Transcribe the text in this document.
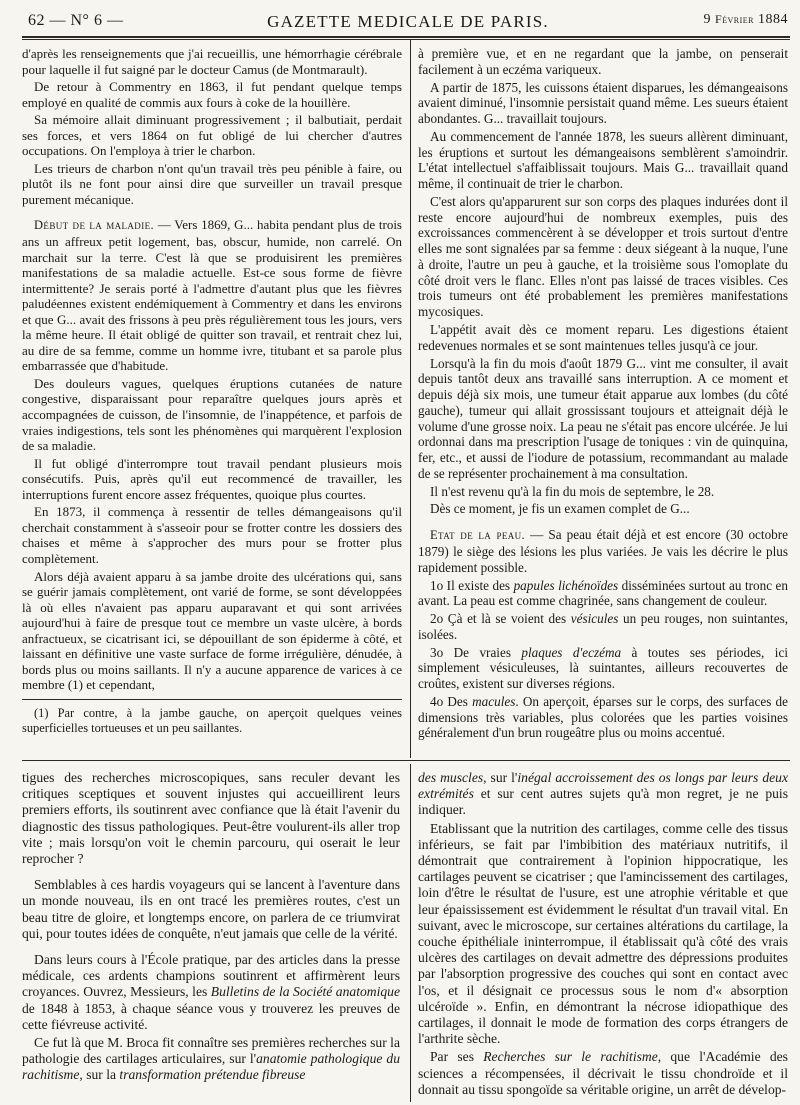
62 — N° 6 —	GAZETTE MEDICALE DE PARIS.	9 Février 1884

d'après les renseignements que j'ai recueillis, une hémorrhagie cérébrale pour laquelle il fut saigné par le docteur Camus (de Montmarault).

De retour à Commentry en 1863, il fut pendant quelque temps employé en qualité de commis aux fours à coke de la houillère.

Sa mémoire allait diminuant progressivement ; il balbutiait, perdait ses forces, et vers 1864 on fut obligé de lui chercher d'autres occupations. On l'employa à trier le charbon.

Les trieurs de charbon n'ont qu'un travail très peu pénible à faire, ou plutôt ils ne font pour ainsi dire que surveiller un travail presque purement mécanique.

Début de la maladie. — Vers 1869, G... habita pendant plus de trois ans un affreux petit logement, bas, obscur, humide, non carrelé. On marchait sur la terre. C'est là que se produisirent les premières manifestations de sa maladie actuelle. Est-ce sous forme de fièvre intermittente? Je serais porté à l'admettre d'autant plus que les fièvres paludéennes existent endémiquement à Commentry et dans les environs et que G... avait des frissons à peu près régulièrement tous les jours, vers la même heure. Il était obligé de quitter son travail, et rentrait chez lui, au dire de sa femme, comme un homme ivre, titubant et sa parole plus embarrassée que d'habitude.

Des douleurs vagues, quelques éruptions cutanées de nature congestive, disparaissant pour reparaître quelques jours après et accompagnées de cuisson, de l'insomnie, de l'inappétence, et parfois de vraies indigestions, tels sont les phénomènes qui marquèrent l'explosion de sa maladie.

Il fut obligé d'interrompre tout travail pendant plusieurs mois consécutifs. Puis, après qu'il eut recommencé de travailler, les interruptions furent encore assez fréquentes, quoique plus courtes.

En 1873, il commença à ressentir de telles démangeaisons qu'il cherchait constamment à s'asseoir pour se frotter contre les dossiers des chaises et même à s'approcher des murs pour se frotter plus complètement.

Alors déjà avaient apparu à sa jambe droite des ulcérations qui, sans se guérir jamais complètement, ont varié de forme, se sont développées là où elles n'avaient pas apparu auparavant et qui sont arrivées aujourd'hui à faire de presque tout ce membre un vaste ulcère, à bords anfractueux, se cicatrisant ici, se dépouillant de son épiderme à côté, et laissant en définitive une vaste surface de forme irrégulière, dénudée, à bords plus ou moins saillants. Il n'y a aucune apparence de varices à ce membre (1) et cependant,

(1) Par contre, à la jambe gauche, on aperçoit quelques veines superficielles tortueuses et un peu saillantes.

à première vue, et en ne regardant que la jambe, on penserait facilement à un eczéma variqueux.

A partir de 1875, les cuissons étaient disparues, les démangeaisons avaient diminué, l'insomnie persistait quand même. Les sueurs étaient abondantes. G... travaillait toujours.

Au commencement de l'année 1878, les sueurs allèrent diminuant, les éruptions et surtout les démangeaisons semblèrent s'amoindrir. L'état intellectuel s'affaiblissait toujours. Mais G... travaillait quand même, il continuait de trier le charbon.

C'est alors qu'apparurent sur son corps des plaques indurées dont il reste encore aujourd'hui de nombreux exemples, puis des excroissances commencèrent à se développer et trois surtout d'entre elles me sont signalées par sa femme : deux siégeant à la nuque, l'une à droite, l'autre un peu à gauche, et la troisième sous l'omoplate du côté droit vers le flanc. Elles n'ont pas laissé de traces visibles. Ces trois tumeurs ont été probablement les premières manifestations mycosiques.

L'appétit avait dès ce moment reparu. Les digestions étaient redevenues normales et se sont maintenues telles jusqu'à ce jour.

Lorsqu'à la fin du mois d'août 1879 G... vint me consulter, il avait depuis tantôt deux ans travaillé sans interruption. A ce moment et depuis déjà six mois, une tumeur était apparue aux lombes (du côté gauche), tumeur qui allait grossissant toujours et atteignait déjà le volume d'une grosse noix. La peau ne s'était pas encore ulcérée. Je lui ordonnai dans ma prescription l'usage de toniques : vin de quinquina, fer, etc., et aussi de l'iodure de potassium, recommandant au malade de se représenter prochainement à ma consultation.

Il n'est revenu qu'à la fin du mois de septembre, le 28.

Dès ce moment, je fis un examen complet de G...

Etat de la peau. — Sa peau était déjà et est encore (30 octobre 1879) le siège des lésions les plus variées. Je vais les décrire le plus rapidement possible.

1o Il existe des papules lichénoïdes disséminées surtout au tronc en avant. La peau est comme chagrinée, sans changement de couleur.

2o Çà et là se voient des vésicules un peu rouges, non suintantes, isolées.

3o De vraies plaques d'eczéma à toutes ses périodes, ici simplement vésiculeuses, là suintantes, ailleurs recouvertes de croûtes, existent sur diverses régions.

4o Des macules. On aperçoit, éparses sur le corps, des surfaces de dimensions très variables, plus colorées que les parties voisines généralement d'un brun rougeâtre plus ou moins accentué.

tigues des recherches microscopiques, sans reculer devant les critiques sceptiques et souvent injustes qui accueillirent leurs premiers efforts, ils soutinrent avec confiance que là était l'avenir du diagnostic des tissus pathologiques. Peut-être voulurent-ils aller trop vite ; mais lorsqu'on voit le chemin parcouru, qui oserait le leur reprocher ?

Semblables à ces hardis voyageurs qui se lancent à l'aventure dans un monde nouveau, ils en ont tracé les premières routes, c'est un beau titre de gloire, et longtemps encore, on parlera de ce triumvirat qui, pour toutes idées de conquête, n'eut jamais que celle de la vérité.

Dans leurs cours à l'École pratique, par des articles dans la presse médicale, ces ardents champions soutinrent et affirmèrent leurs croyances. Ouvrez, Messieurs, les Bulletins de la Société anatomique de 1848 à 1853, à chaque séance vous y trouverez les preuves de cette fiévreuse activité.

Ce fut là que M. Broca fit connaître ses premières recherches sur la pathologie des cartilages articulaires, sur l'anatomie pathologique du rachitisme, sur la transformation prétendue fibreuse

des muscles, sur l'inégal accroissement des os longs par leurs deux extrémités et sur cent autres sujets qu'à mon regret, je ne puis indiquer.

Etablissant que la nutrition des cartilages, comme celle des tissus inférieurs, se fait par l'imbibition des matériaux nutritifs, il démontrait que contrairement à l'opinion hippocratique, les cartilages peuvent se cicatriser ; que l'amincissement des cartilages, loin d'être le résultat de l'usure, est une atrophie véritable et que leur épaississement est évidemment le résultat d'un travail vital. En suivant, avec le microscope, sur certaines altérations du cartilage, la couche épithéliale ininterrompue, il établissait qu'à côté des vrais ulcères des cartilages on devait admettre des dépressions produites par l'absorption progressive des couches qui sont en contact avec l'os, et il désignait ce processus sous le nom d'« absorption ulcéroïde ». Enfin, en démontrant la nécrose idiopathique des cartilages, il donnait le mode de formation des corps étrangers de l'arthrite sèche.

Par ses Recherches sur le rachitisme, que l'Académie des sciences a récompensées, il décrivait le tissu chondroïde et il donnait au tissu spongoïde sa véritable origine, un arrêt de dévelop-
